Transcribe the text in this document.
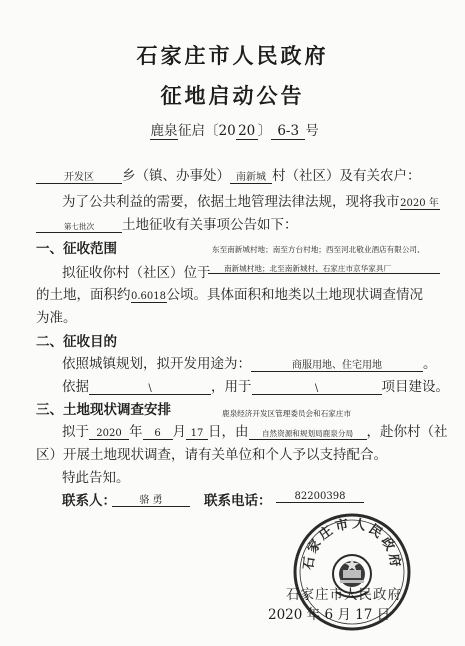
石家庄市人民政府
征地启动公告
鹿泉征启〔20 20 〕 6-3 号
开发区 乡（镇、办事处） 南新城 村（社区）及有关农户：
为了公共利益的需要，依据土地管理法律法规，现将我市2020 年
第七批次 土地征收有关事项公告如下：
一、征收范围	东至南新城村地；南至方台村地；西至河北敬业酒店有限公司、
拟征收你村（社区）位于 南新城村地；北至南新城村、石家庄市京华家具厂
的土地，面积约0.6018公顷。具体面积和地类以土地现状调查情况
为准。
二、征收目的
依照城镇规划，拟开发用途为：	商服用地、住宅用地	。
依据	\	，用于	\	项目建设。
三、土地现状调查安排	鹿泉经济开发区管理委员会和石家庄市
拟于 2020 年 6 月 17 日，由 自然资源和规划局鹿泉分局 ，赴你村（社
区）开展土地现状调查，请有关单位和个人予以支持配合。
特此告知。
联系人：	骆 勇	联系电话：	82200398
石家庄市人民政府
石家庄市人民政府
2020 年 6 月 17 日
